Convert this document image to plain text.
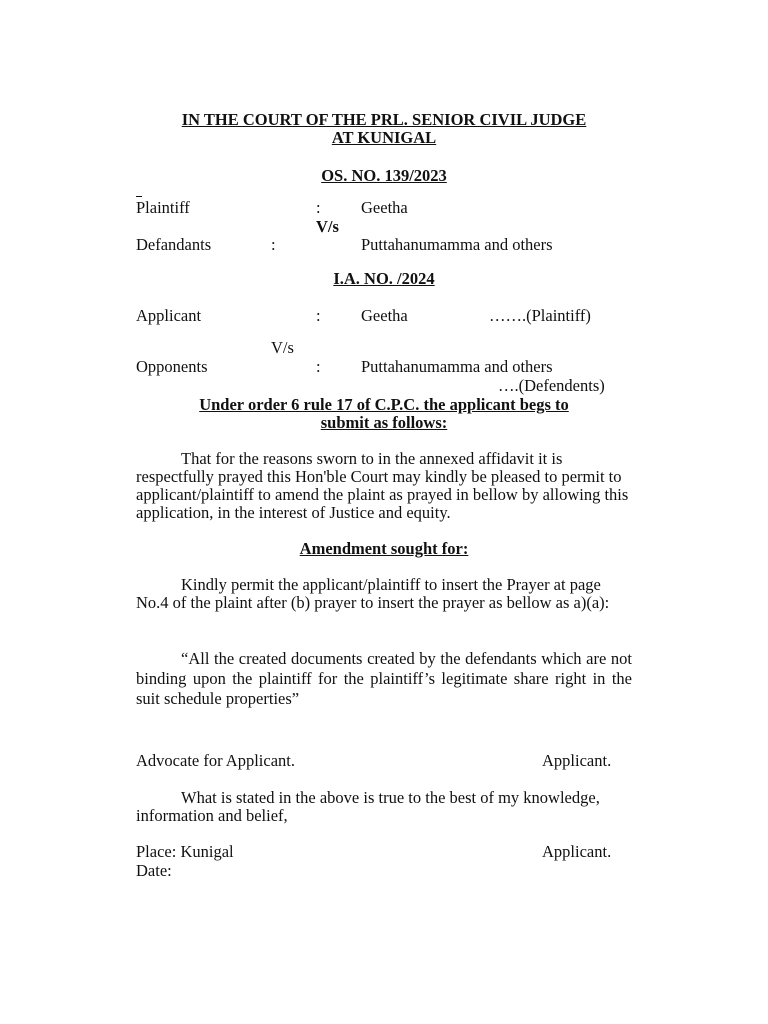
IN THE COURT OF THE PRL. SENIOR CIVIL JUDGE
AT KUNIGAL
OS. NO. 139/2023
Plaintiff	: Geetha
V/s
Defandants	:	Puttahanumamma and others
I.A. NO. /2024
Applicant	: Geetha	…….(Plaintiff)
V/s
Opponents	: Puttahanumamma and others
….(Defendents)
Under order 6 rule 17 of C.P.C. the applicant begs to
submit as follows:
That for the reasons sworn to in the annexed affidavit it is respectfully prayed this Hon'ble Court may kindly be pleased to permit to applicant/plaintiff to amend the plaint as prayed in bellow by allowing this application, in the interest of Justice and equity.
Amendment sought for:
Kindly permit the applicant/plaintiff to insert the Prayer at page No.4 of the plaint after (b) prayer to insert the prayer as bellow as a)(a):
“All the created documents created by the defendants which are not binding upon the plaintiff for the plaintiff’s legitimate share right in the suit schedule properties”
Advocate for Applicant.	Applicant.
What is stated in the above is true to the best of my knowledge, information and belief,
Place: Kunigal	Applicant.
Date:
